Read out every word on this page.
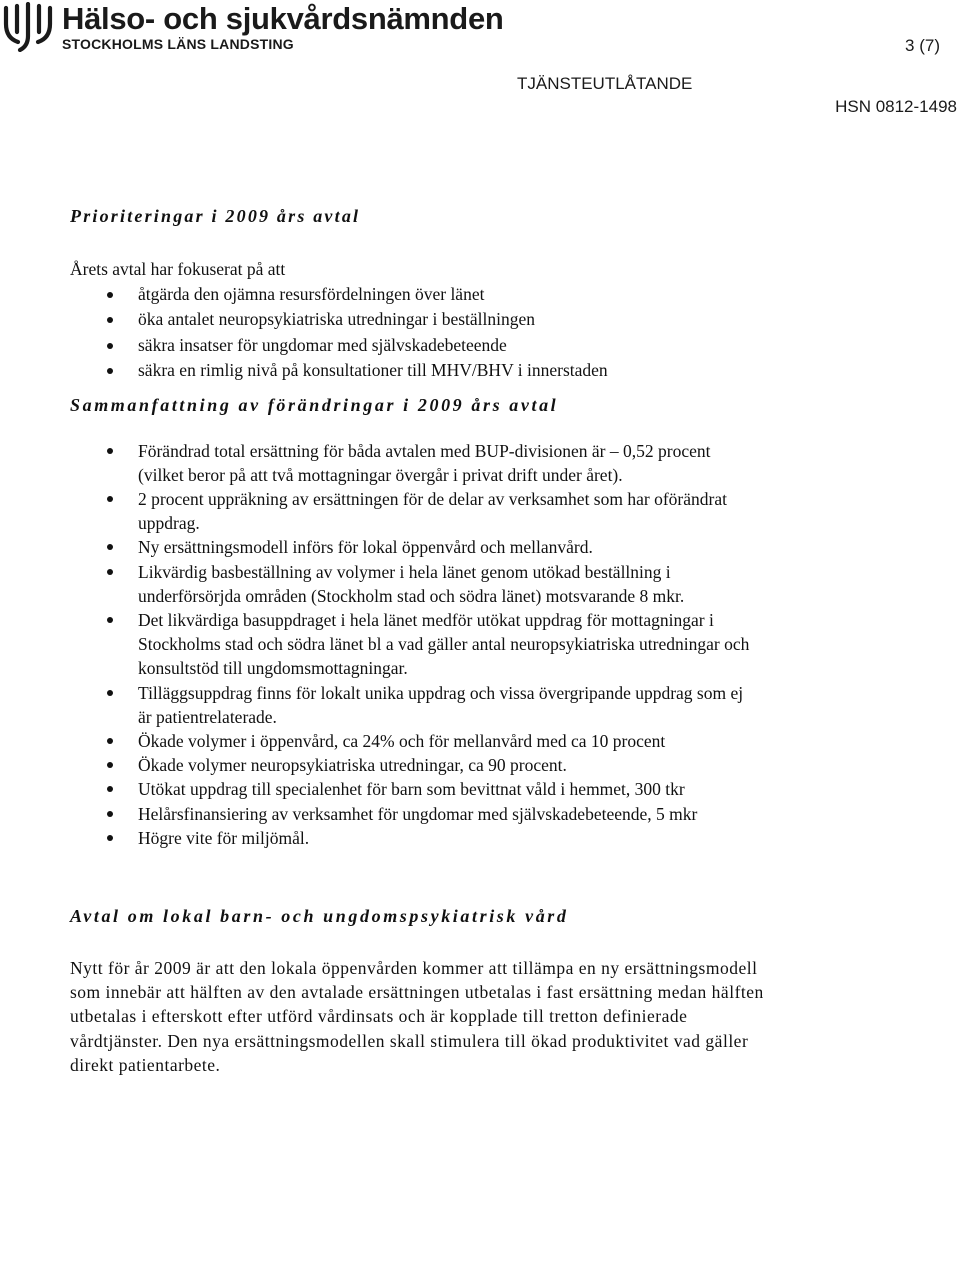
Hälso- och sjukvårdsnämnden
STOCKHOLMS LÄNS LANDSTING	3 (7)
TJÄNSTEUTLÅTANDE
HSN 0812-1498
Prioriteringar i 2009 års avtal

Årets avtal har fokuserat på att

åtgärda den ojämna resursfördelningen över länet
öka antalet neuropsykiatriska utredningar i beställningen
säkra insatser för ungdomar med självskadebeteende
säkra en rimlig nivå på konsultationer till MHV/BHV i innerstaden
Sammanfattning av förändringar i 2009 års avtal
Förändrad total ersättning för båda avtalen med BUP-divisionen är – 0,52 procent (vilket beror på att två mottagningar övergår i privat drift under året).
2 procent uppräkning av ersättningen för de delar av verksamhet som har oförändrat uppdrag.
Ny ersättningsmodell införs för lokal öppenvård och mellanvård.
Likvärdig basbeställning av volymer i hela länet genom utökad beställning i underförsörjda områden (Stockholm stad och södra länet) motsvarande 8 mkr.
Det likvärdiga basuppdraget i hela länet medför utökat uppdrag för mottagningar i Stockholms stad och södra länet bl a vad gäller antal neuropsykiatriska utredningar och konsultstöd till ungdomsmottagningar.
Tilläggsuppdrag finns för lokalt unika uppdrag och vissa övergripande uppdrag som ej är patientrelaterade.
Ökade volymer i öppenvård, ca 24% och för mellanvård med ca 10 procent
Ökade volymer neuropsykiatriska utredningar, ca 90 procent.
Utökat uppdrag till specialenhet för barn som bevittnat våld i hemmet, 300 tkr
Helårsfinansiering av verksamhet för ungdomar med självskadebeteende, 5 mkr
Högre vite för miljömål.
Avtal om lokal barn- och ungdomspsykiatrisk vård

Nytt för år 2009 är att den lokala öppenvården kommer att tillämpa en ny ersättningsmodell som innebär att hälften av den avtalade ersättningen utbetalas i fast ersättning medan hälften utbetalas i efterskott efter utförd vårdinsats och är kopplade till tretton definierade vårdtjänster. Den nya ersättningsmodellen skall stimulera till ökad produktivitet vad gäller direkt patientarbete.
